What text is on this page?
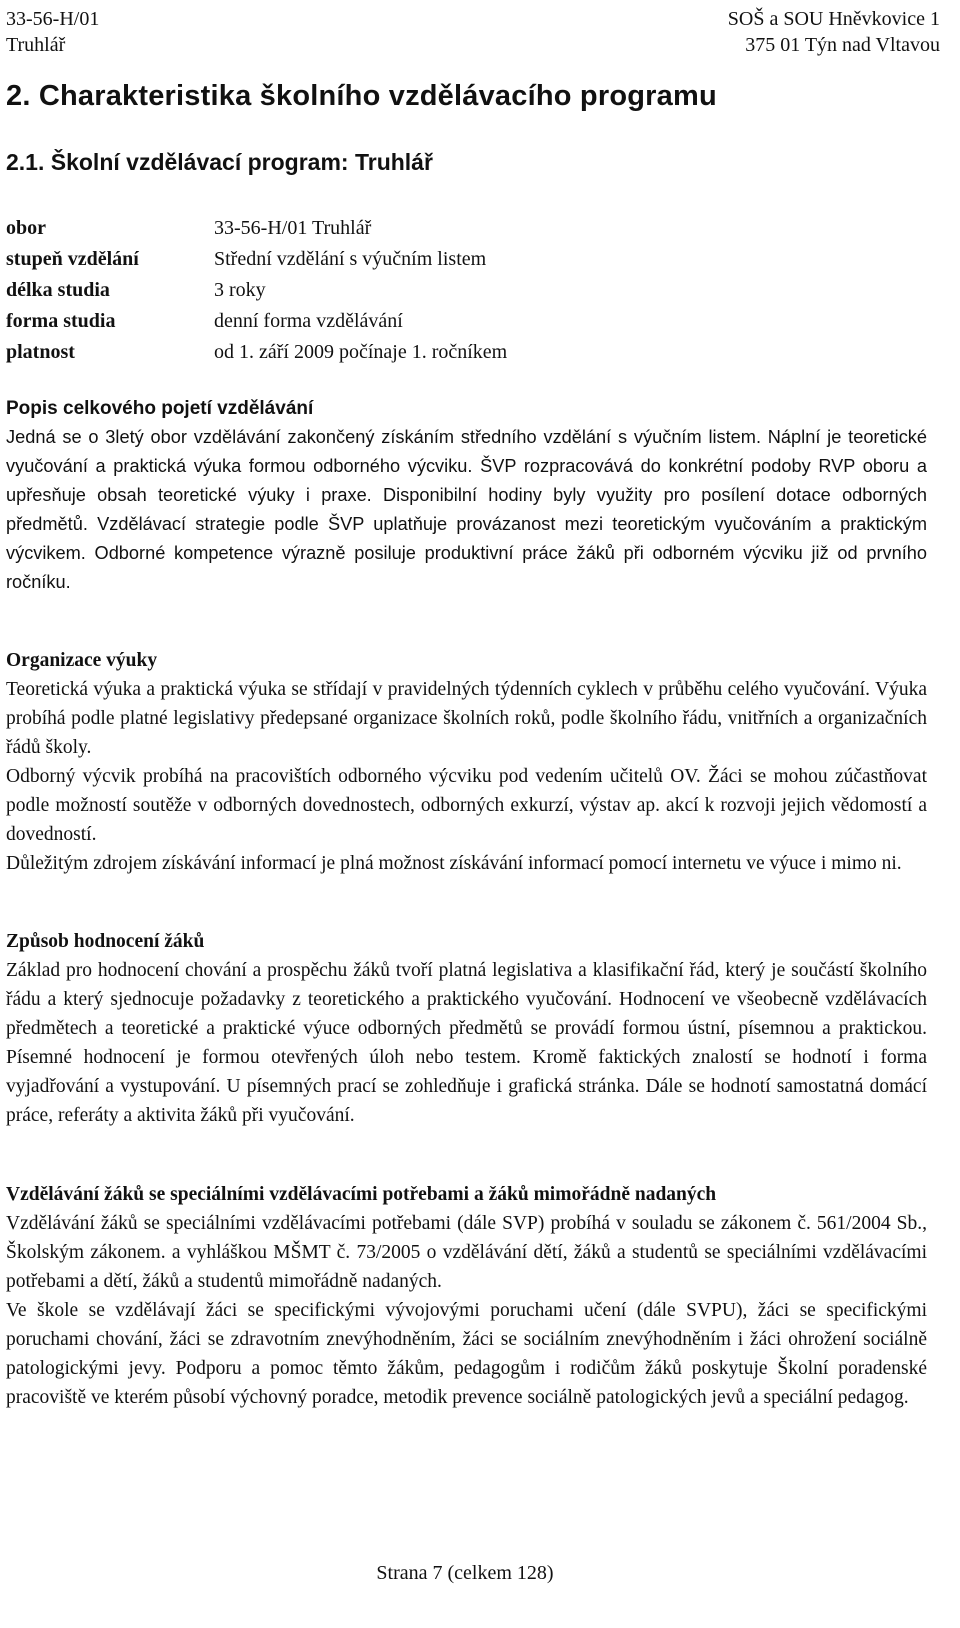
33-56-H/01
Truhlář
SOŠ a SOU Hněvkovice 1
375 01 Týn nad Vltavou
2. Charakteristika školního vzdělávacího programu
2.1. Školní vzdělávací program: Truhlář
obor	33-56-H/01 Truhlář
stupeň vzdělání	Střední vzdělání s výučním listem
délka studia	3 roky
forma studia	denní forma vzdělávání
platnost	od 1. září 2009 počínaje 1. ročníkem
Popis celkového pojetí vzdělávání

Jedná se o 3letý obor vzdělávání zakončený získáním středního vzdělání s výučním listem. Náplní je teoretické vyučování a praktická výuka formou odborného výcviku. ŠVP rozpracovává do konkrétní podoby RVP oboru a upřesňuje obsah teoretické výuky i praxe. Disponibilní hodiny byly využity pro posílení dotace odborných předmětů. Vzdělávací strategie podle ŠVP uplatňuje provázanost mezi teoretickým vyučováním a praktickým výcvikem. Odborné kompetence výrazně posiluje produktivní práce žáků při odborném výcviku již od prvního ročníku.

Organizace výuky

Teoretická výuka a praktická výuka se střídají v pravidelných týdenních cyklech v průběhu celého vyučování. Výuka probíhá podle platné legislativy předepsané organizace školních roků, podle školního řádu, vnitřních a organizačních řádů školy.

Odborný výcvik probíhá na pracovištích odborného výcviku pod vedením učitelů OV. Žáci se mohou zúčastňovat podle možností soutěže v odborných dovednostech, odborných exkurzí, výstav ap. akcí k rozvoji jejich vědomostí a dovedností.

Důležitým zdrojem získávání informací je plná možnost získávání informací pomocí internetu ve výuce i mimo ni.

Způsob hodnocení žáků

Základ pro hodnocení chování a prospěchu žáků tvoří platná legislativa a klasifikační řád, který je součástí školního řádu a který sjednocuje požadavky z teoretického a praktického vyučování. Hodnocení ve všeobecně vzdělávacích předmětech a teoretické a praktické výuce odborných předmětů se provádí formou ústní, písemnou a praktickou. Písemné hodnocení je formou otevřených úloh nebo testem. Kromě faktických znalostí se hodnotí i forma vyjadřování a vystupování. U písemných prací se zohledňuje i grafická stránka. Dále se hodnotí samostatná domácí práce, referáty a aktivita žáků při vyučování.

Vzdělávání žáků se speciálními vzdělávacími potřebami a žáků mimořádně nadaných

Vzdělávání žáků se speciálními vzdělávacími potřebami (dále SVP) probíhá v souladu se zákonem č. 561/2004 Sb., Školským zákonem. a vyhláškou MŠMT č. 73/2005 o vzdělávání dětí, žáků a studentů se speciálními vzdělávacími potřebami a dětí, žáků a studentů mimořádně nadaných.

Ve škole se vzdělávají žáci se specifickými vývojovými poruchami učení (dále SVPU), žáci se specifickými poruchami chování, žáci se zdravotním znevýhodněním, žáci se sociálním znevýhodněním i žáci ohrožení sociálně patologickými jevy. Podporu a pomoc těmto žákům, pedagogům i rodičům žáků poskytuje Školní poradenské pracoviště ve kterém působí výchovný poradce, metodik prevence sociálně patologických jevů a speciální pedagog.

Strana 7 (celkem 128)
